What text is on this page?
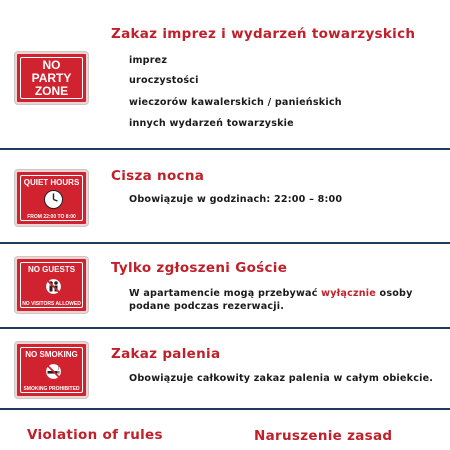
NO
PARTY
ZONE
Zakaz imprez i wydarzeń towarzyskich
imprez
uroczystości
wieczorów kawalerskich / panieńskich
innych wydarzeń towarzyskie
QUIET HOURS
FROM 22:00 TO 8:00
Cisza nocna
Obowiązuje w godzinach: 22:00 – 8:00
NO GUESTS
NO VISITORS ALLOWED
Tylko zgłoszeni Goście
W apartamencie mogą przebywać wyłącznie osoby podane podczas rezerwacji.
NO SMOKING
SMOKING PROHIBITED
Zakaz palenia
Obowiązuje całkowity zakaz palenia w całym obiekcie.
Violation of rules	Naruszenie zasad
